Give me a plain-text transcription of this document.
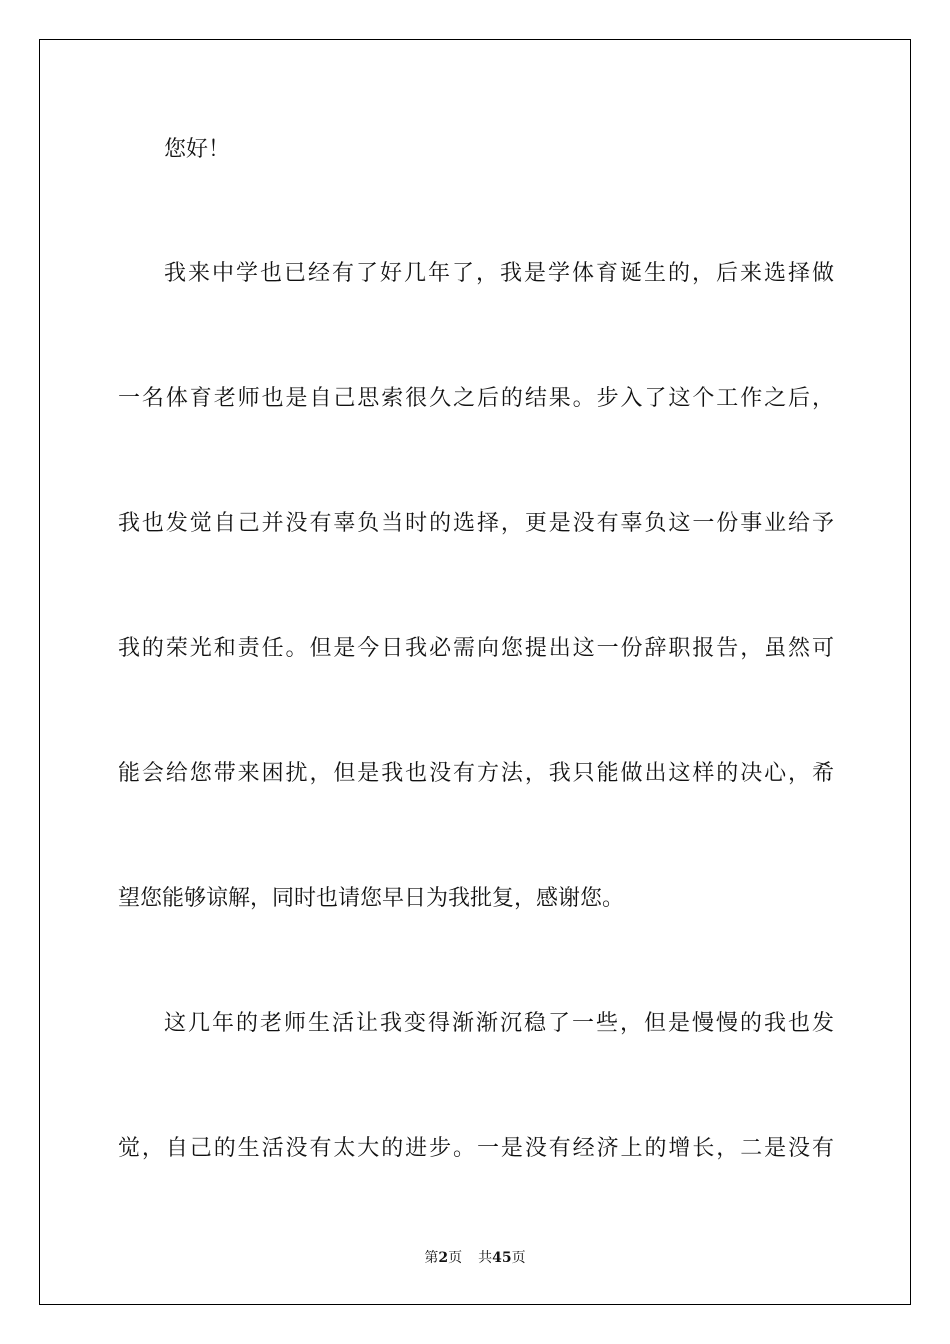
您好！
我来中学也已经有了好几年了，我是学体育诞生的，后来选择做
一名体育老师也是自己思索很久之后的结果。步入了这个工作之后，
我也发觉自己并没有辜负当时的选择，更是没有辜负这一份事业给予
我的荣光和责任。但是今日我必需向您提出这一份辞职报告，虽然可
能会给您带来困扰，但是我也没有方法，我只能做出这样的决心，希
望您能够谅解，同时也请您早日为我批复，感谢您。
这几年的老师生活让我变得渐渐沉稳了一些，但是慢慢的我也发
觉，自己的生活没有太大的进步。一是没有经济上的增长，二是没有
第2页 共45页
